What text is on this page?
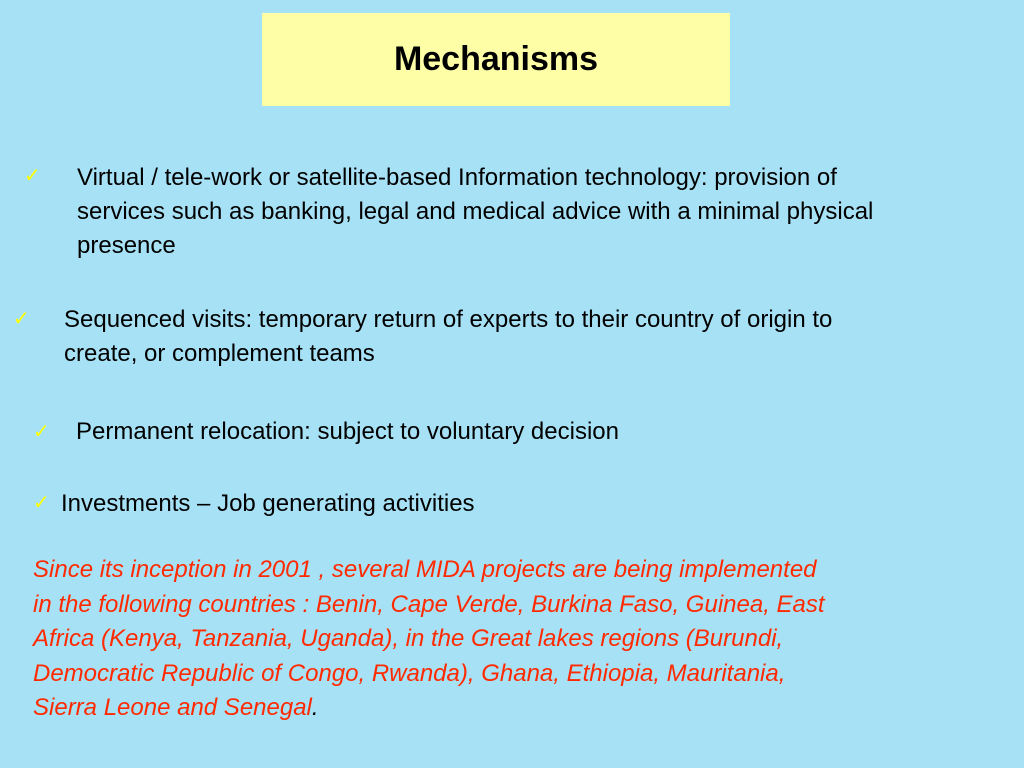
Mechanisms
✓ Virtual / tele-work or satellite-based Information technology: provision of
services such as banking, legal and medical advice with a minimal physical
presence
✓ Sequenced visits: temporary return of experts to their country of origin to
create, or complement teams
✓ Permanent relocation: subject to voluntary decision
✓ Investments – Job generating activities
Since its inception in 2001 , several MIDA projects are being implemented
in the following countries : Benin, Cape Verde, Burkina Faso, Guinea, East
Africa (Kenya, Tanzania, Uganda), in the Great lakes regions (Burundi,
Democratic Republic of Congo, Rwanda), Ghana, Ethiopia, Mauritania,
Sierra Leone and Senegal.
